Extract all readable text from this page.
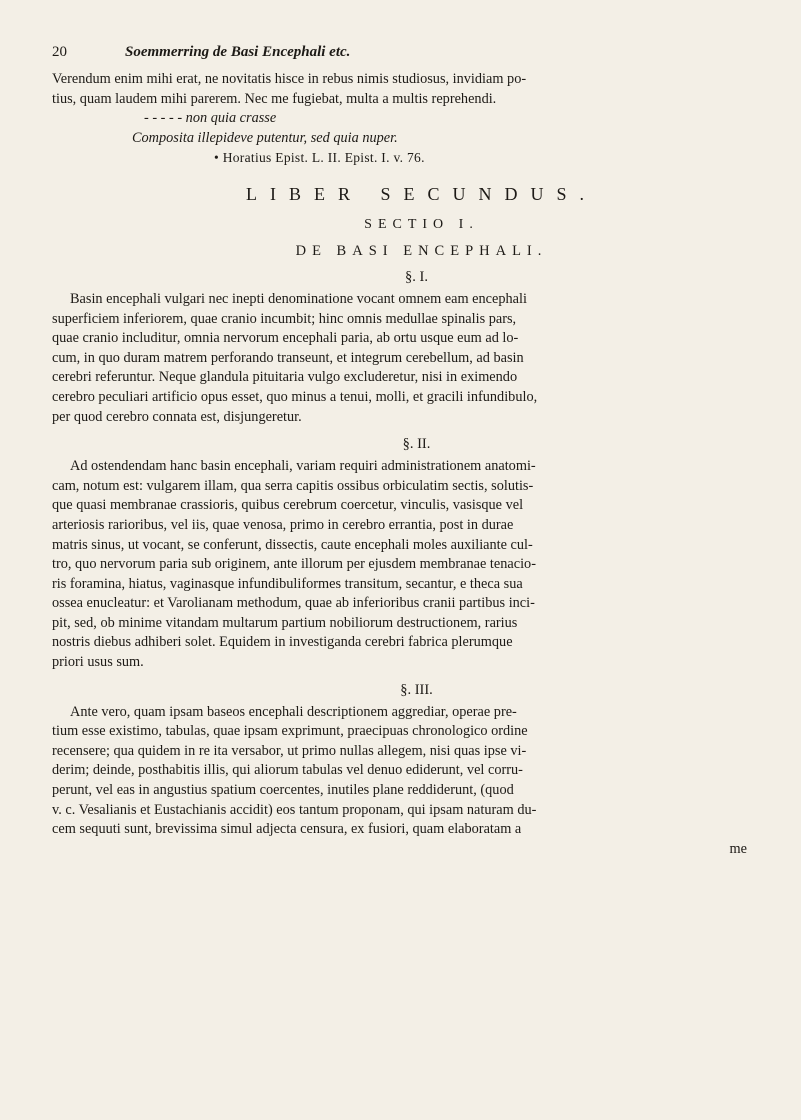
20	Soemmerring de Basi Encephali etc.

Verendum enim mihi erat, ne novitatis hisce in rebus nimis studiosus, invidiam po-

tius, quam laudem mihi parerem. Nec me fugiebat, multa a multis reprehendi.

- - - - - non quia crasse
Composita illepideve putentur, sed quia nuper.
• Horatius Epist. L. II. Epist. I. v. 76.
LIBER SECUNDUS.
SECTIO I.
DE BASI ENCEPHALI.
§. I.

Basin encephali vulgari nec inepti denominatione vocant omnem eam encephali

superficiem inferiorem, quae cranio incumbit; hinc omnis medullae spinalis pars,

quae cranio includitur, omnia nervorum encephali paria, ab ortu usque eum ad lo-

cum, in quo duram matrem perforando transeunt, et integrum cerebellum, ad basin

cerebri referuntur. Neque glandula pituitaria vulgo excluderetur, nisi in eximendo

cerebro peculiari artificio opus esset, quo minus a tenui, molli, et gracili infundibulo,

per quod cerebro connata est, disjungeretur.

§. II.

Ad ostendendam hanc basin encephali, variam requiri administrationem anatomi-

cam, notum est: vulgarem illam, qua serra capitis ossibus orbiculatim sectis, solutis-

que quasi membranae crassioris, quibus cerebrum coercetur, vinculis, vasisque vel

arteriosis rarioribus, vel iis, quae venosa, primo in cerebro errantia, post in durae

matris sinus, ut vocant, se conferunt, dissectis, caute encephali moles auxiliante cul-

tro, quo nervorum paria sub originem, ante illorum per ejusdem membranae tenacio-

ris foramina, hiatus, vaginasque infundibuliformes transitum, secantur, e theca sua

ossea enucleatur: et Varolianam methodum, quae ab inferioribus cranii partibus inci-

pit, sed, ob minime vitandam multarum partium nobiliorum destructionem, rarius

nostris diebus adhiberi solet. Equidem in investiganda cerebri fabrica plerumque

priori usus sum.

§. III.

Ante vero, quam ipsam baseos encephali descriptionem aggrediar, operae pre-

tium esse existimo, tabulas, quae ipsam exprimunt, praecipuas chronologico ordine

recensere; qua quidem in re ita versabor, ut primo nullas allegem, nisi quas ipse vi-

derim; deinde, posthabitis illis, qui aliorum tabulas vel denuo ediderunt, vel corru-

perunt, vel eas in angustius spatium coercentes, inutiles plane reddiderunt, (quod

v. c. Vesalianis et Eustachianis accidit) eos tantum proponam, qui ipsam naturam du-

cem sequuti sunt, brevissima simul adjecta censura, ex fusiori, quam elaboratam a

me
